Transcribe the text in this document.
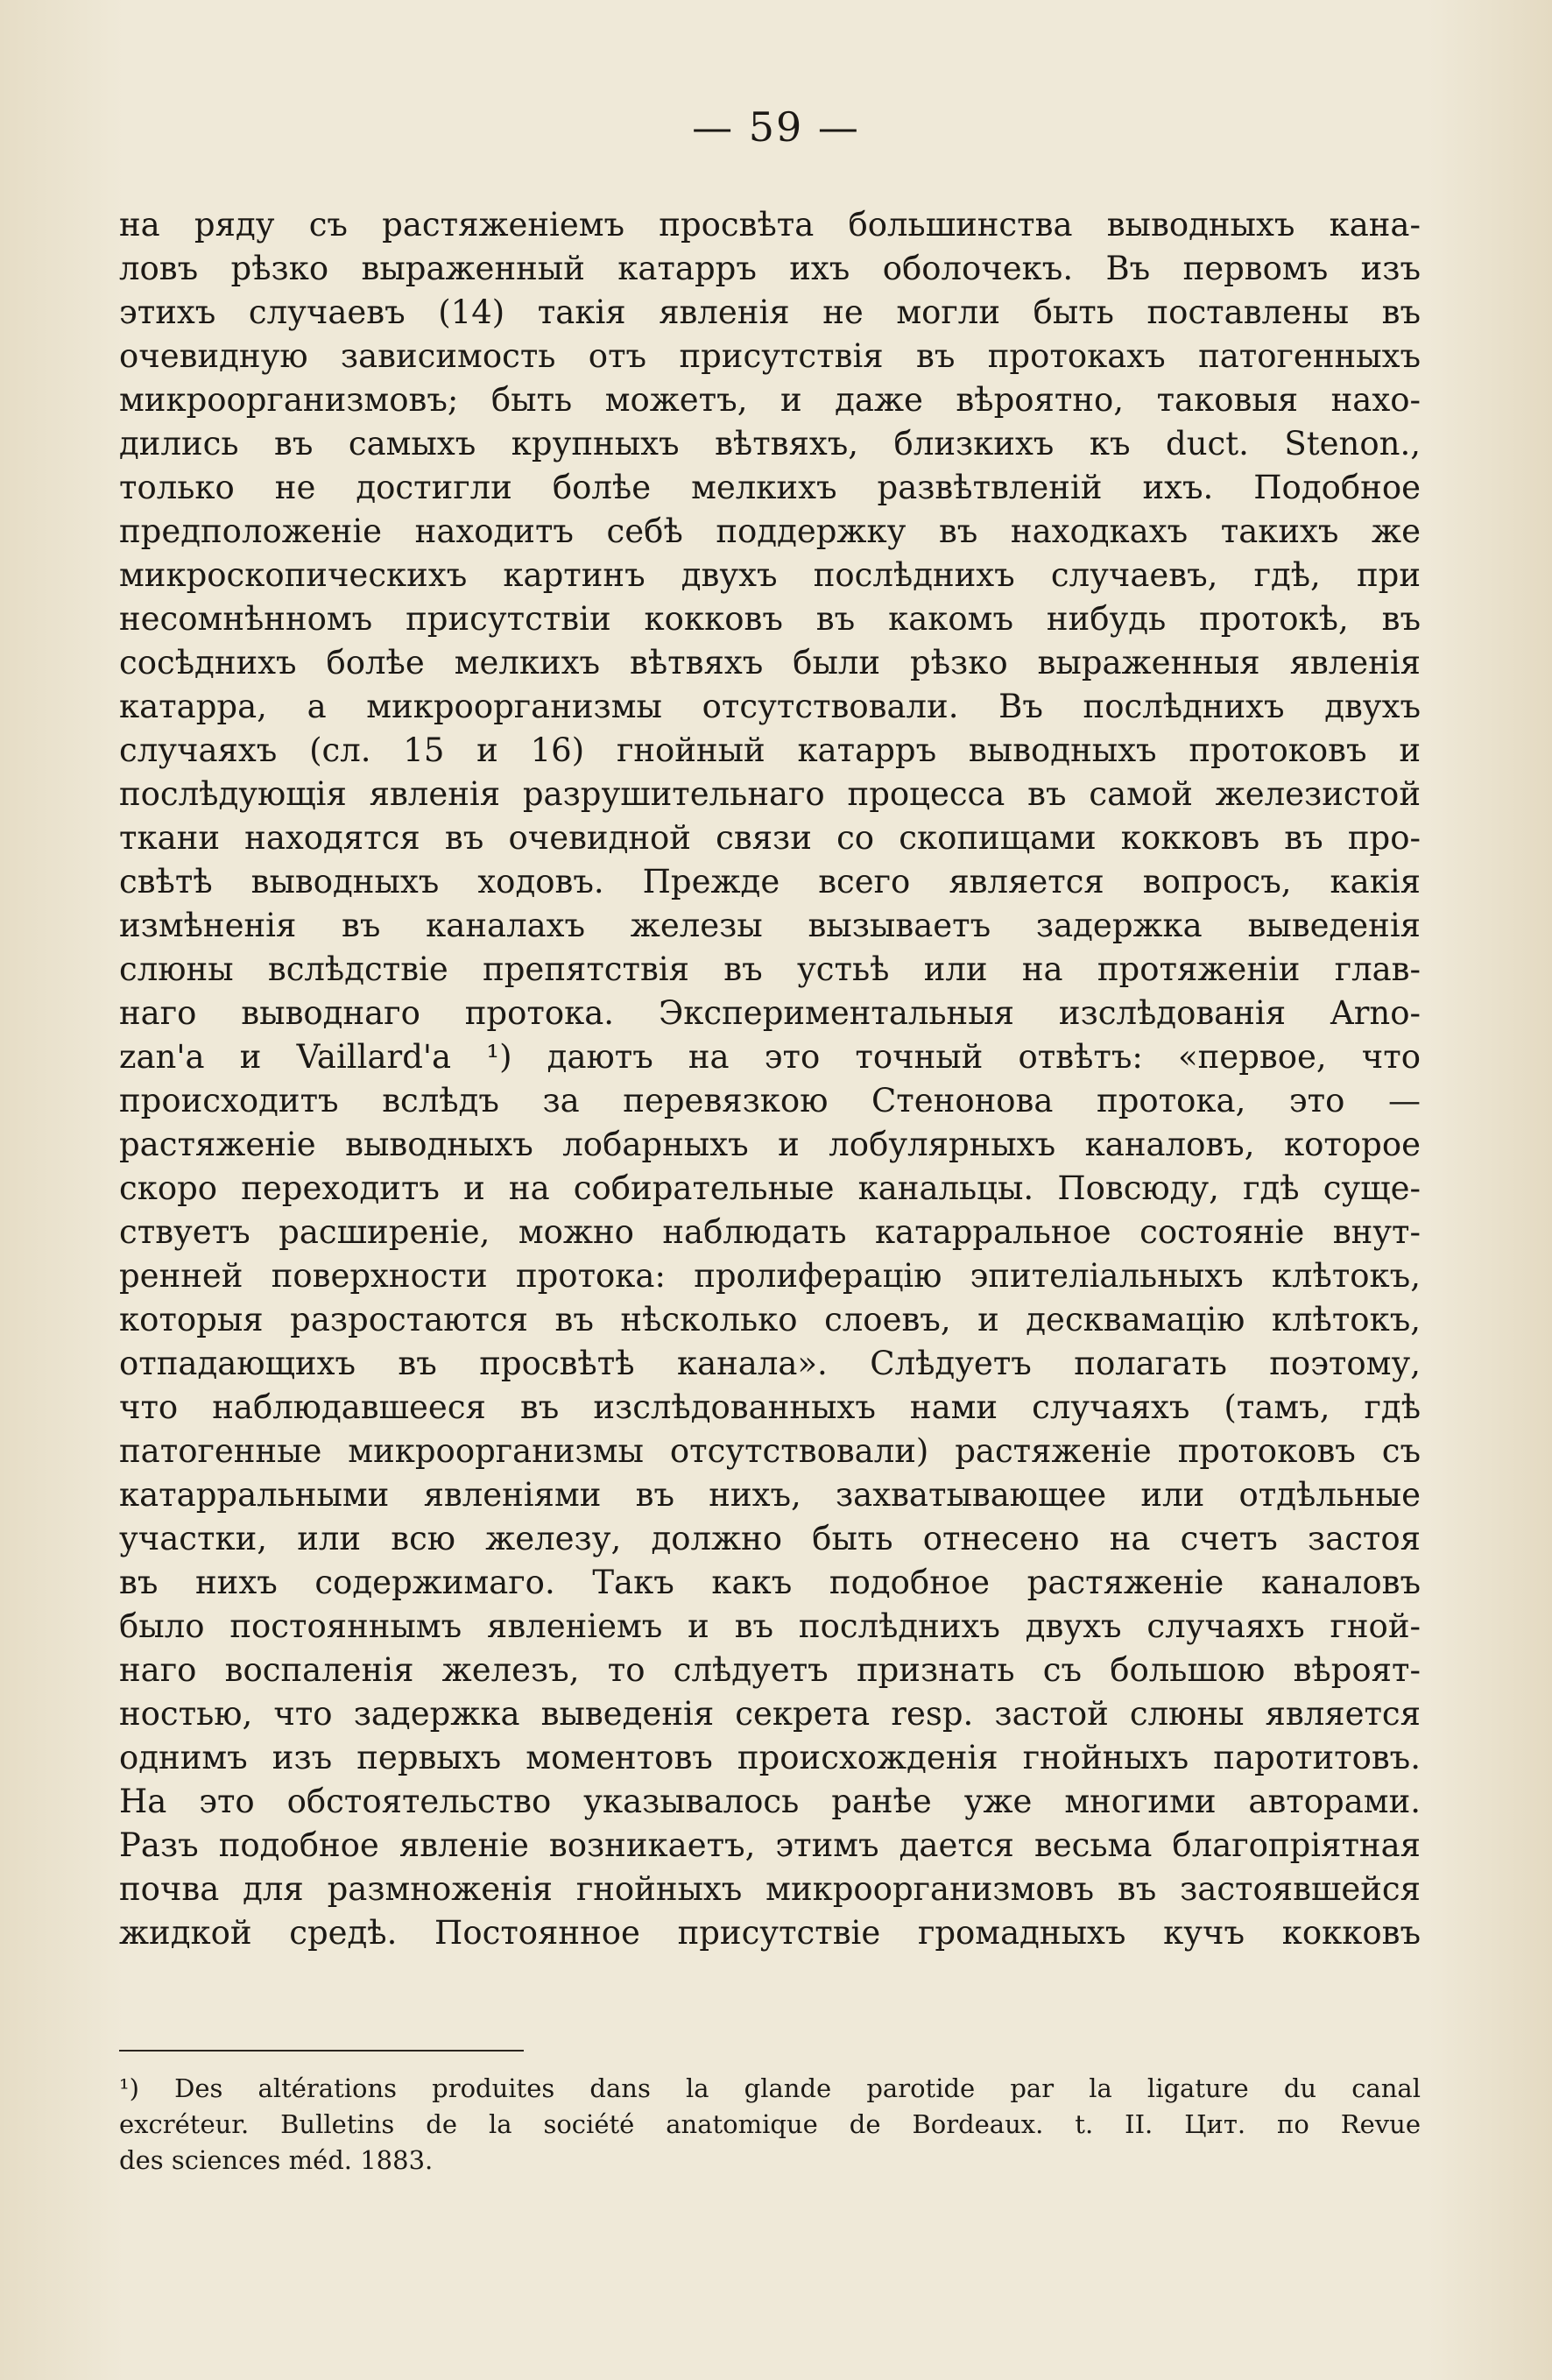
— 59 —
на ряду съ растяженіемъ просвѣта большинства выводныхъ кана-
ловъ рѣзко выраженный катарръ ихъ оболочекъ. Въ первомъ изъ
этихъ случаевъ (14) такія явленія не могли быть поставлены въ
очевидную зависимость отъ присутствія въ протокахъ патогенныхъ
микроорганизмовъ; быть можетъ, и даже вѣроятно, таковыя нахо-
дились въ самыхъ крупныхъ вѣтвяхъ, близкихъ къ duct. Stenon.,
только не достигли болѣе мелкихъ развѣтвленій ихъ. Подобное
предположеніе находитъ себѣ поддержку въ находкахъ такихъ же
микроскопическихъ картинъ двухъ послѣднихъ случаевъ, гдѣ, при
несомнѣнномъ присутствіи кокковъ въ какомъ нибудь протокѣ, въ
сосѣднихъ болѣе мелкихъ вѣтвяхъ были рѣзко выраженныя явленія
катарра, а микроорганизмы отсутствовали. Въ послѣднихъ двухъ
случаяхъ (сл. 15 и 16) гнойный катарръ выводныхъ протоковъ и
послѣдующія явленія разрушительнаго процесса въ самой железистой
ткани находятся въ очевидной связи со скопищами кокковъ въ про-
свѣтѣ выводныхъ ходовъ. Прежде всего является вопросъ, какія
измѣненія въ каналахъ железы вызываетъ задержка выведенія
слюны вслѣдствіе препятствія въ устьѣ или на протяженіи глав-
наго выводнаго протока. Экспериментальныя изслѣдованія Arno-
zan'a и Vaillard'a ¹) даютъ на это точный отвѣтъ: «первое, что
происходитъ вслѣдъ за перевязкою Стенонова протока, это —
растяженіе выводныхъ лобарныхъ и лобулярныхъ каналовъ, которое
скоро переходитъ и на собирательные канальцы. Повсюду, гдѣ суще-
ствуетъ расширеніе, можно наблюдать катарральное состояніе внут-
ренней поверхности протока: пролиферацію эпителіальныхъ клѣтокъ,
которыя разростаются въ нѣсколько слоевъ, и десквамацію клѣтокъ,
отпадающихъ въ просвѣтѣ канала». Слѣдуетъ полагать поэтому,
что наблюдавшееся въ изслѣдованныхъ нами случаяхъ (тамъ, гдѣ
патогенные микроорганизмы отсутствовали) растяженіе протоковъ съ
катарральными явленіями въ нихъ, захватывающее или отдѣльные
участки, или всю железу, должно быть отнесено на счетъ застоя
въ нихъ содержимаго. Такъ какъ подобное растяженіе каналовъ
было постояннымъ явленіемъ и въ послѣднихъ двухъ случаяхъ гной-
наго воспаленія железъ, то слѣдуетъ признать съ большою вѣроят-
ностью, что задержка выведенія секрета resp. застой слюны является
однимъ изъ первыхъ моментовъ происхожденія гнойныхъ паротитовъ.
На это обстоятельство указывалось ранѣе уже многими авторами.
Разъ подобное явленіе возникаетъ, этимъ дается весьма благопріятная
почва для размноженія гнойныхъ микроорганизмовъ въ застоявшейся
жидкой средѣ. Постоянное присутствіе громадныхъ кучъ кокковъ
¹) Des altérations produites dans la glande parotide par la ligature du canal
excréteur. Bulletins de la société anatomique de Bordeaux. t. II. Цит. по Revue
des sciences méd. 1883.
